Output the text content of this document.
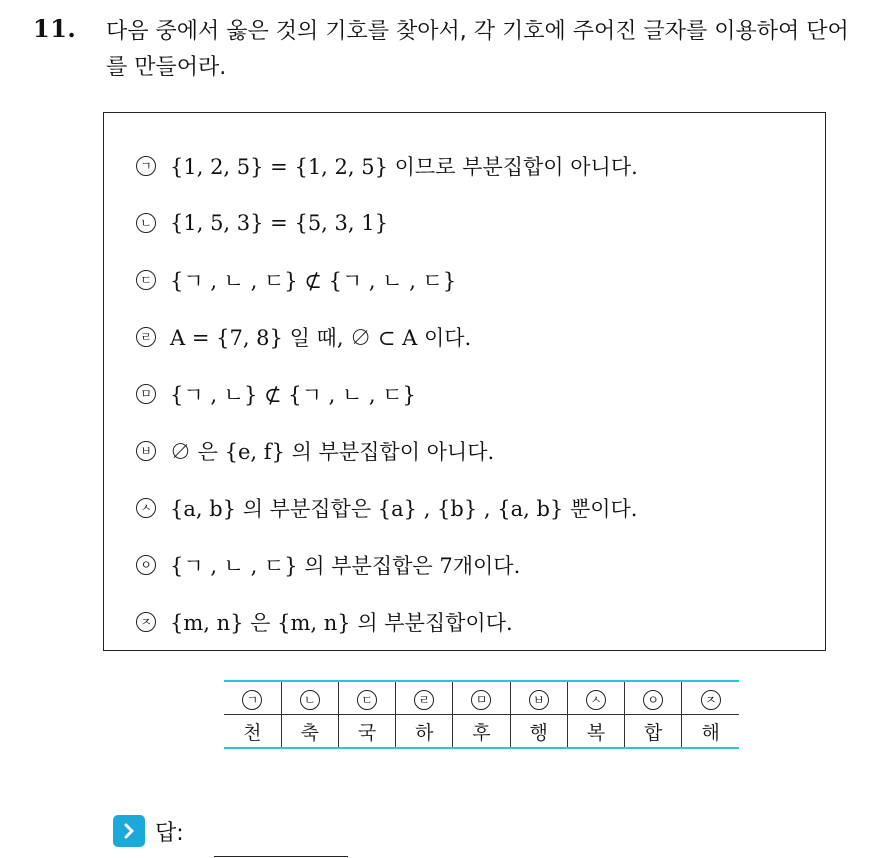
11. 다음 중에서 옳은 것의 기호를 찾아서, 각 기호에 주어진 글자를 이용하여 단어를 만들어라.
ㄱ {1, 2, 5} = {1, 2, 5} 이므로 부분집합이 아니다.
ㄴ {1, 5, 3} = {5, 3, 1}
ㄷ {ㄱ , ㄴ , ㄷ} ⊄ {ㄱ , ㄴ , ㄷ}
ㄹ A = {7, 8} 일 때, ∅ ⊂ A 이다.
ㅁ {ㄱ , ㄴ} ⊄ {ㄱ , ㄴ , ㄷ}
ㅂ ∅ 은 {e, f} 의 부분집합이 아니다.
ㅅ {a, b} 의 부분집합은 {a} , {b} , {a, b} 뿐이다.
ㅇ {ㄱ , ㄴ , ㄷ} 의 부분집합은 7개이다.
ㅈ {m, n} 은 {m, n} 의 부분집합이다.
ㄱ	ㄴ	ㄷ	ㄹ	ㅁ	ㅂ	ㅅ	ㅇ	ㅈ
천	축	국	하	후	행	복	합	해
답:
